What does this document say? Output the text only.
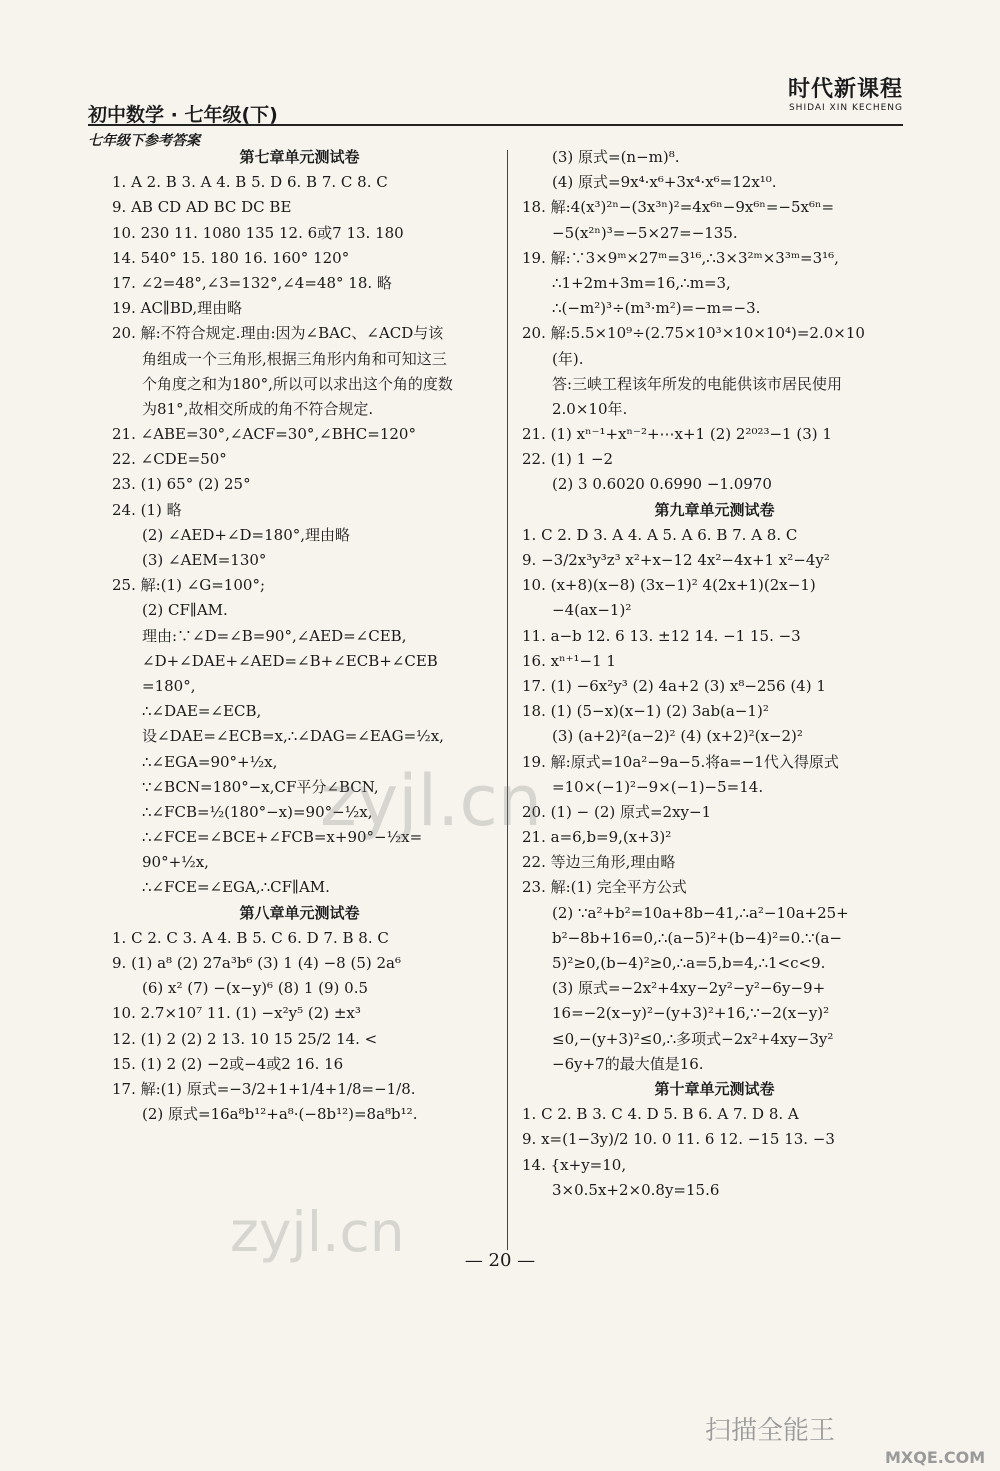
时代新课程
SHIDAI XIN KECHENG
初中数学 · 七年级(下)
七年级下参考答案
第七章单元测试卷
1. A 2. B 3. A 4. B 5. D 6. B 7. C 8. C
9. AB CD AD BC DC BE
10. 230 11. 1080 135 12. 6或7 13. 180
14. 540° 15. 180 16. 160° 120°
17. ∠2=48°,∠3=132°,∠4=48° 18. 略
19. AC∥BD,理由略
20. 解:不符合规定.理由:因为∠BAC、∠ACD与该
角组成一个三角形,根据三角形内角和可知这三
个角度之和为180°,所以可以求出这个角的度数
为81°,故相交所成的角不符合规定.
21. ∠ABE=30°,∠ACF=30°,∠BHC=120°
22. ∠CDE=50°
23. (1) 65° (2) 25°
24. (1) 略
(2) ∠AED+∠D=180°,理由略
(3) ∠AEM=130°
25. 解:(1) ∠G=100°;
(2) CF∥AM.
理由:∵∠D=∠B=90°,∠AED=∠CEB,
∠D+∠DAE+∠AED=∠B+∠ECB+∠CEB
=180°,
∴∠DAE=∠ECB,
设∠DAE=∠ECB=x,∴∠DAG=∠EAG=½x,
∴∠EGA=90°+½x,
∵∠BCN=180°−x,CF平分∠BCN,
∴∠FCB=½(180°−x)=90°−½x,
∴∠FCE=∠BCE+∠FCB=x+90°−½x=
90°+½x,
∴∠FCE=∠EGA,∴CF∥AM.
第八章单元测试卷
1. C 2. C 3. A 4. B 5. C 6. D 7. B 8. C
9. (1) a⁸ (2) 27a³b⁶ (3) 1 (4) −8 (5) 2a⁶
(6) x² (7) −(x−y)⁶ (8) 1 (9) 0.5
10. 2.7×10⁷ 11. (1) −x²y⁵ (2) ±x³
12. (1) 2 (2) 2 13. 10 15 25/2 14. <
15. (1) 2 (2) −2或−4或2 16. 16
17. 解:(1) 原式=−3/2+1+1/4+1/8=−1/8.
(2) 原式=16a⁸b¹²+a⁸·(−8b¹²)=8a⁸b¹².
(3) 原式=(n−m)⁸.
(4) 原式=9x⁴·x⁶+3x⁴·x⁶=12x¹⁰.
18. 解:4(x³)²ⁿ−(3x³ⁿ)²=4x⁶ⁿ−9x⁶ⁿ=−5x⁶ⁿ=
−5(x²ⁿ)³=−5×27=−135.
19. 解:∵3×9ᵐ×27ᵐ=3¹⁶,∴3×3²ᵐ×3³ᵐ=3¹⁶,
∴1+2m+3m=16,∴m=3,
∴(−m²)³÷(m³·m²)=−m=−3.
20. 解:5.5×10⁹÷(2.75×10³×10×10⁴)=2.0×10
(年).
答:三峡工程该年所发的电能供该市居民使用
2.0×10年.
21. (1) xⁿ⁻¹+xⁿ⁻²+⋯x+1 (2) 2²⁰²³−1 (3) 1
22. (1) 1 −2
(2) 3 0.6020 0.6990 −1.0970
第九章单元测试卷
1. C 2. D 3. A 4. A 5. A 6. B 7. A 8. C
9. −3/2x³y³z³ x²+x−12 4x²−4x+1 x²−4y²
10. (x+8)(x−8) (3x−1)² 4(2x+1)(2x−1)
−4(ax−1)²
11. a−b 12. 6 13. ±12 14. −1 15. −3
16. xⁿ⁺¹−1 1
17. (1) −6x²y³ (2) 4a+2 (3) x⁸−256 (4) 1
18. (1) (5−x)(x−1) (2) 3ab(a−1)²
(3) (a+2)²(a−2)² (4) (x+2)²(x−2)²
19. 解:原式=10a²−9a−5.将a=−1代入得原式
=10×(−1)²−9×(−1)−5=14.
20. (1) − (2) 原式=2xy−1
21. a=6,b=9,(x+3)²
22. 等边三角形,理由略
23. 解:(1) 完全平方公式
(2) ∵a²+b²=10a+8b−41,∴a²−10a+25+
b²−8b+16=0,∴(a−5)²+(b−4)²=0.∵(a−
5)²≥0,(b−4)²≥0,∴a=5,b=4,∴1<c<9.
(3) 原式=−2x²+4xy−2y²−y²−6y−9+
16=−2(x−y)²−(y+3)²+16,∵−2(x−y)²
≤0,−(y+3)²≤0,∴多项式−2x²+4xy−3y²
−6y+7的最大值是16.
第十章单元测试卷
1. C 2. B 3. C 4. D 5. B 6. A 7. D 8. A
9. x=(1−3y)/2 10. 0 11. 6 12. −15 13. −3
14. {x+y=10,
3×0.5x+2×0.8y=15.6
— 20 —
zyjl.cn
zyjl.cn
扫描全能王
MXQE.COM
